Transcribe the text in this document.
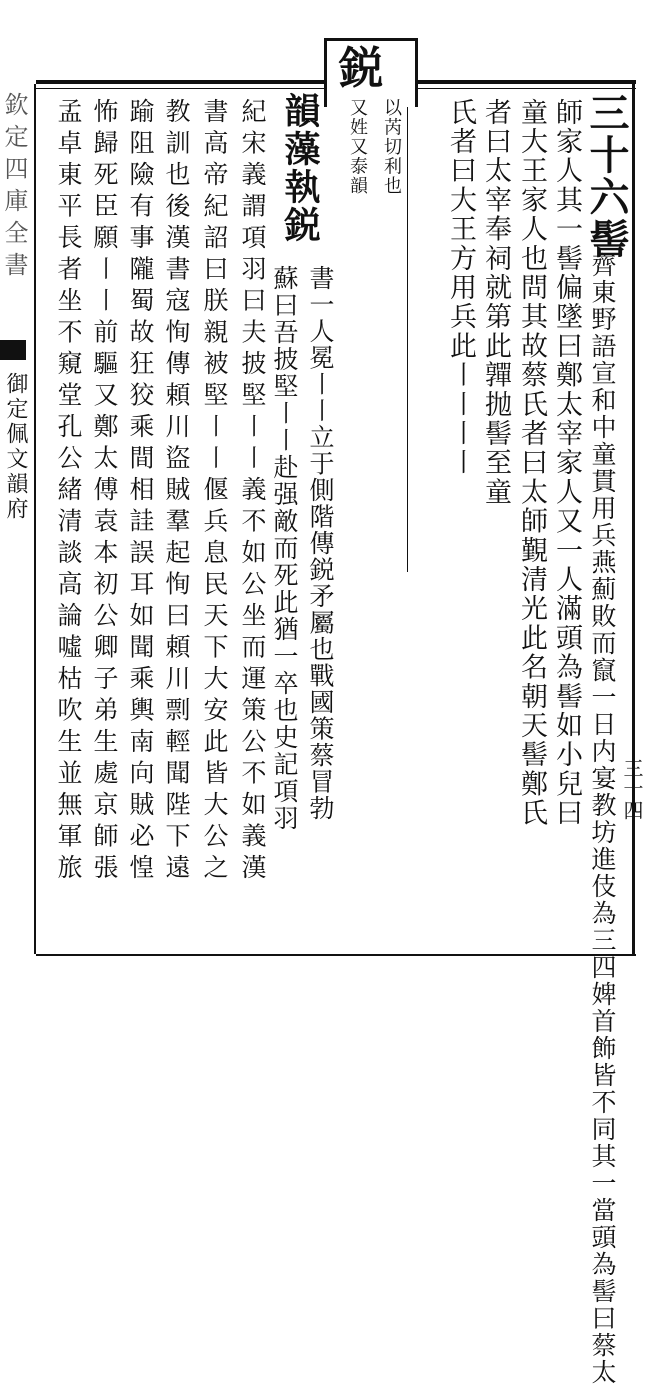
鋭
欽定四庫全書
御定佩文韻府
三十四
三十六髻
齊東野語宣和中童貫用兵燕薊敗而竄一日内宴教坊進伎為三四婢首飾皆不同其一當頭為髻曰蔡太
師家人其一髻偏墜曰鄭太宰家人又一人滿頭為髻如小兒曰
童大王家人也問其故蔡氏者曰太師覲清光此名朝天髻鄭氏
者曰太宰奉祠就第此嚲抛髻至童
氏者曰大王方用兵此〡〡〡〡
以芮切利也
又姓又泰韻
韻藻執鋭
書一人冕〡〡立于側階傳鋭矛屬也戰國策蔡冒勃
蘇曰吾披堅〡〡赴强敵而死此猶一卒也史記項羽
紀宋義謂項羽曰夫披堅〡〡義不如公坐而運策公不如義漢
書高帝紀詔曰朕親被堅〡〡偃兵息民天下大安此皆大公之
教訓也後漢書寇恂傳頼川盜賊羣起恂曰頼川剽輕聞陛下遠
踰阻險有事隴蜀故狂狡乘間相詿誤耳如聞乘輿南向賊必惶
怖歸死臣願〡〡前驅又鄭太傅袁本初公卿子弟生處京師張
孟卓東平長者坐不窺堂孔公緒清談高論噓枯吹生並無軍旅
